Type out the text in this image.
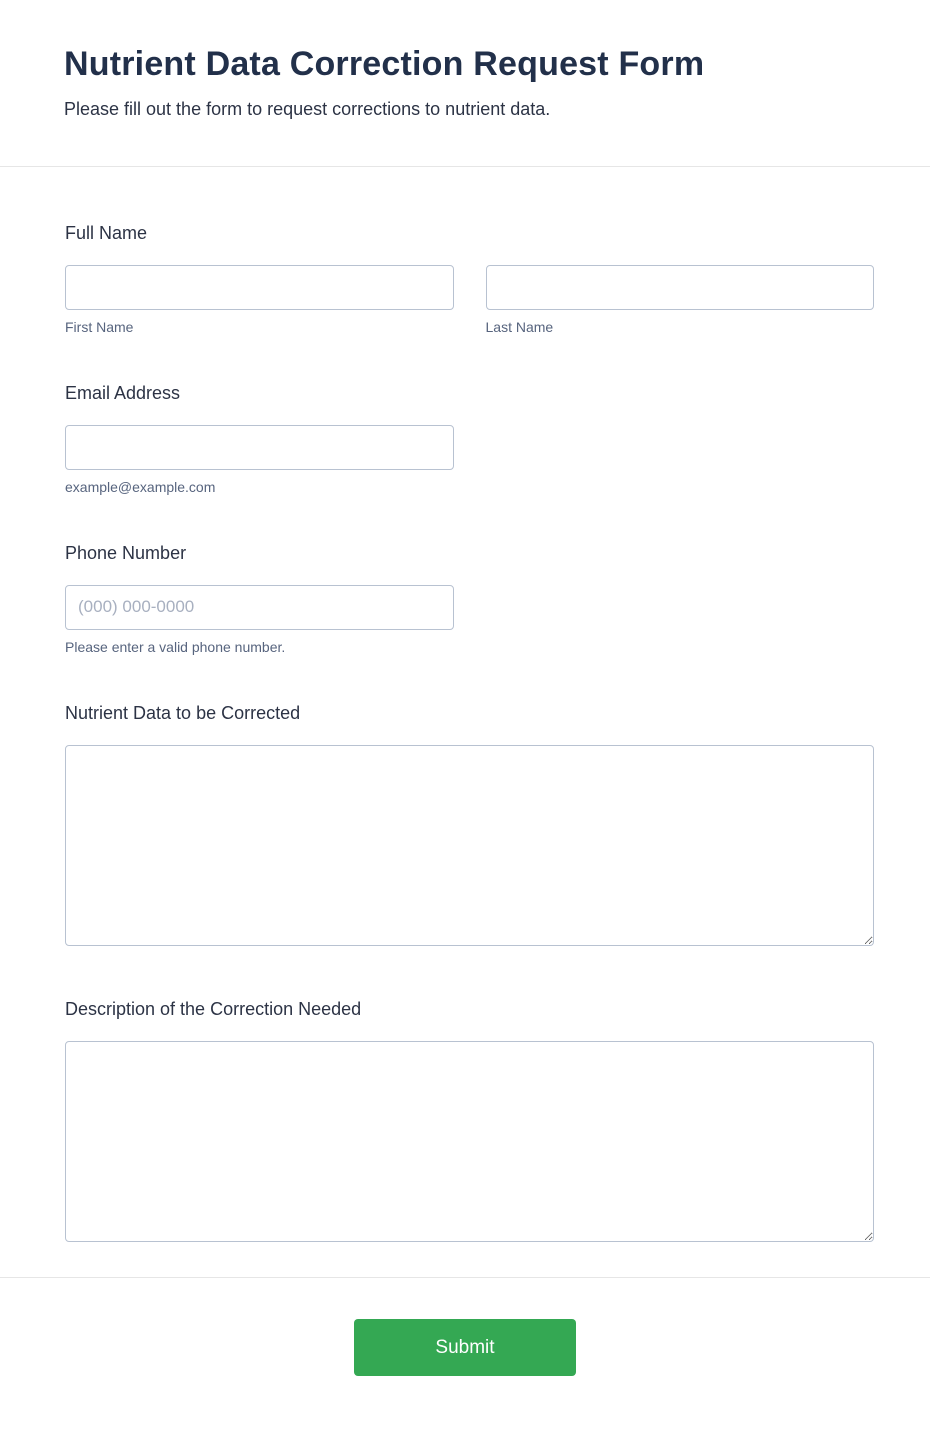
Nutrient Data Correction Request Form

Please fill out the form to request corrections to nutrient data.

Full Name
First Name	Last Name
Email Address
example@example.com
Phone Number
(000) 000-0000
Please enter a valid phone number.
Nutrient Data to be Corrected
Description of the Correction Needed
Submit
